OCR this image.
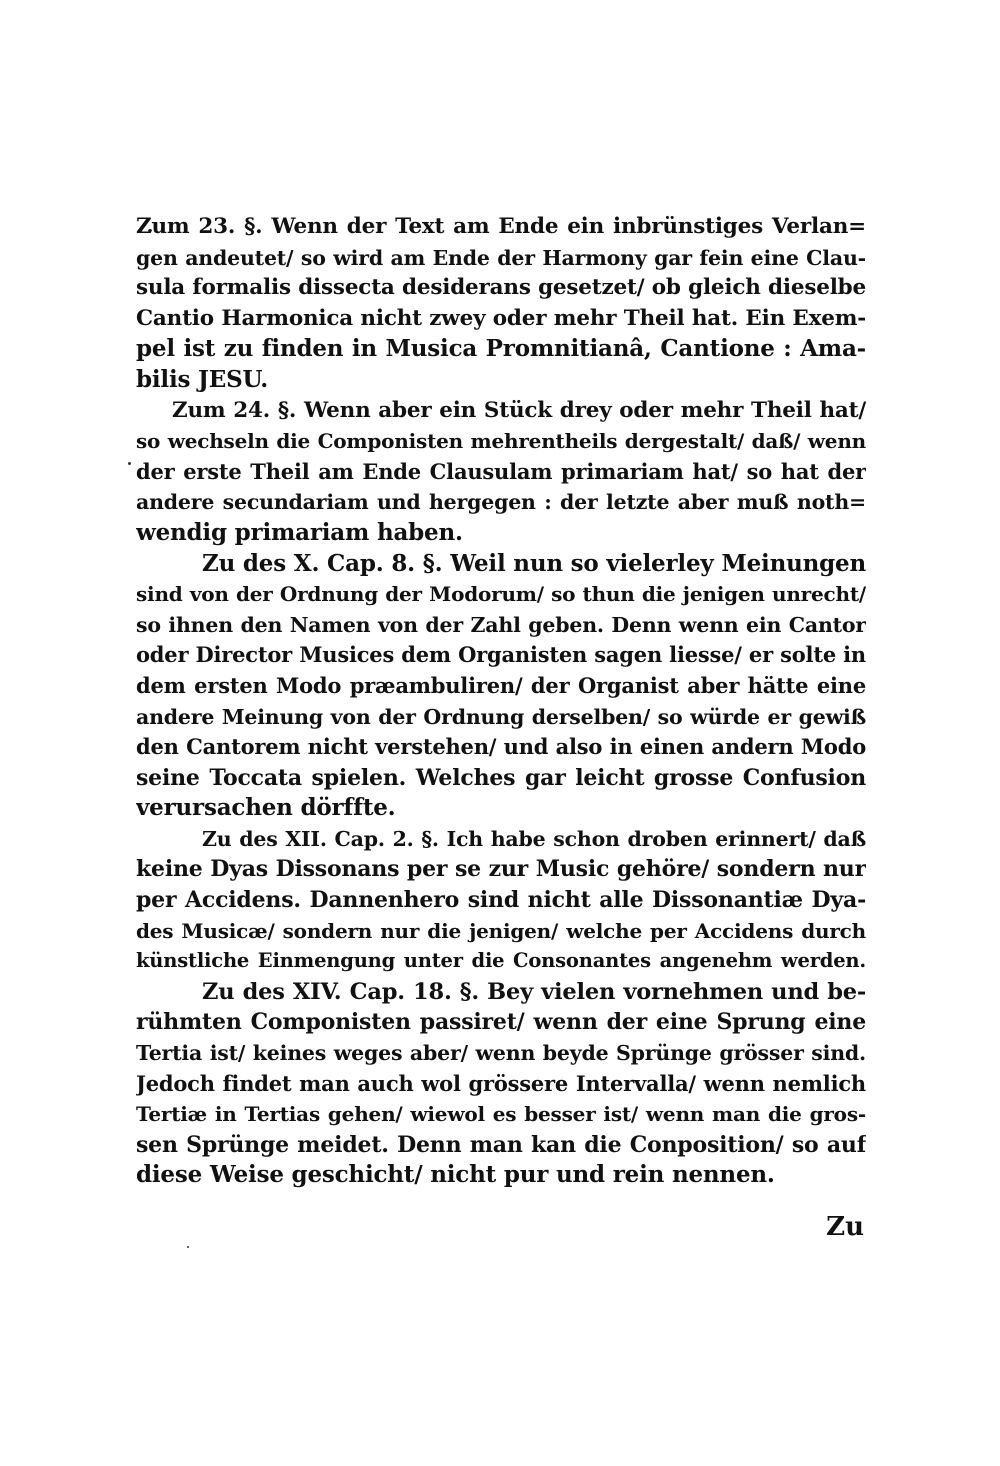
Zum 23. §. Wenn der Text am Ende ein inbrünstiges Verlan=
gen andeutet/ so wird am Ende der Harmony gar fein eine Clau-
sula formalis dissecta desiderans gesetzet/ ob gleich dieselbe
Cantio Harmonica nicht zwey oder mehr Theil hat. Ein Exem-
pel ist zu finden in Musica Promnitianâ, Cantione : Ama-
bilis JESU.
Zum 24. §. Wenn aber ein Stück drey oder mehr Theil hat/
so wechseln die Componisten mehrentheils dergestalt/ daß/ wenn
der erste Theil am Ende Clausulam primariam hat/ so hat der
andere secundariam und hergegen : der letzte aber muß noth=
wendig primariam haben.
Zu des X. Cap. 8. §. Weil nun so vielerley Meinungen
sind von der Ordnung der Modorum/ so thun die jenigen unrecht/
so ihnen den Namen von der Zahl geben. Denn wenn ein Cantor
oder Director Musices dem Organisten sagen liesse/ er solte in
dem ersten Modo præambuliren/ der Organist aber hätte eine
andere Meinung von der Ordnung derselben/ so würde er gewiß
den Cantorem nicht verstehen/ und also in einen andern Modo
seine Toccata spielen. Welches gar leicht grosse Confusion
verursachen dörffte.
Zu des XII. Cap. 2. §. Ich habe schon droben erinnert/ daß
keine Dyas Dissonans per se zur Music gehöre/ sondern nur
per Accidens. Dannenhero sind nicht alle Dissonantiæ Dya-
des Musicæ/ sondern nur die jenigen/ welche per Accidens durch
künstliche Einmengung unter die Consonantes angenehm werden.
Zu des XIV. Cap. 18. §. Bey vielen vornehmen und be-
rühmten Componisten passiret/ wenn der eine Sprung eine
Tertia ist/ keines weges aber/ wenn beyde Sprünge grösser sind.
Jedoch findet man auch wol grössere Intervalla/ wenn nemlich
Tertiæ in Tertias gehen/ wiewol es besser ist/ wenn man die gros-
sen Sprünge meidet. Denn man kan die Conposition/ so auf
diese Weise geschicht/ nicht pur und rein nennen.
Zu
